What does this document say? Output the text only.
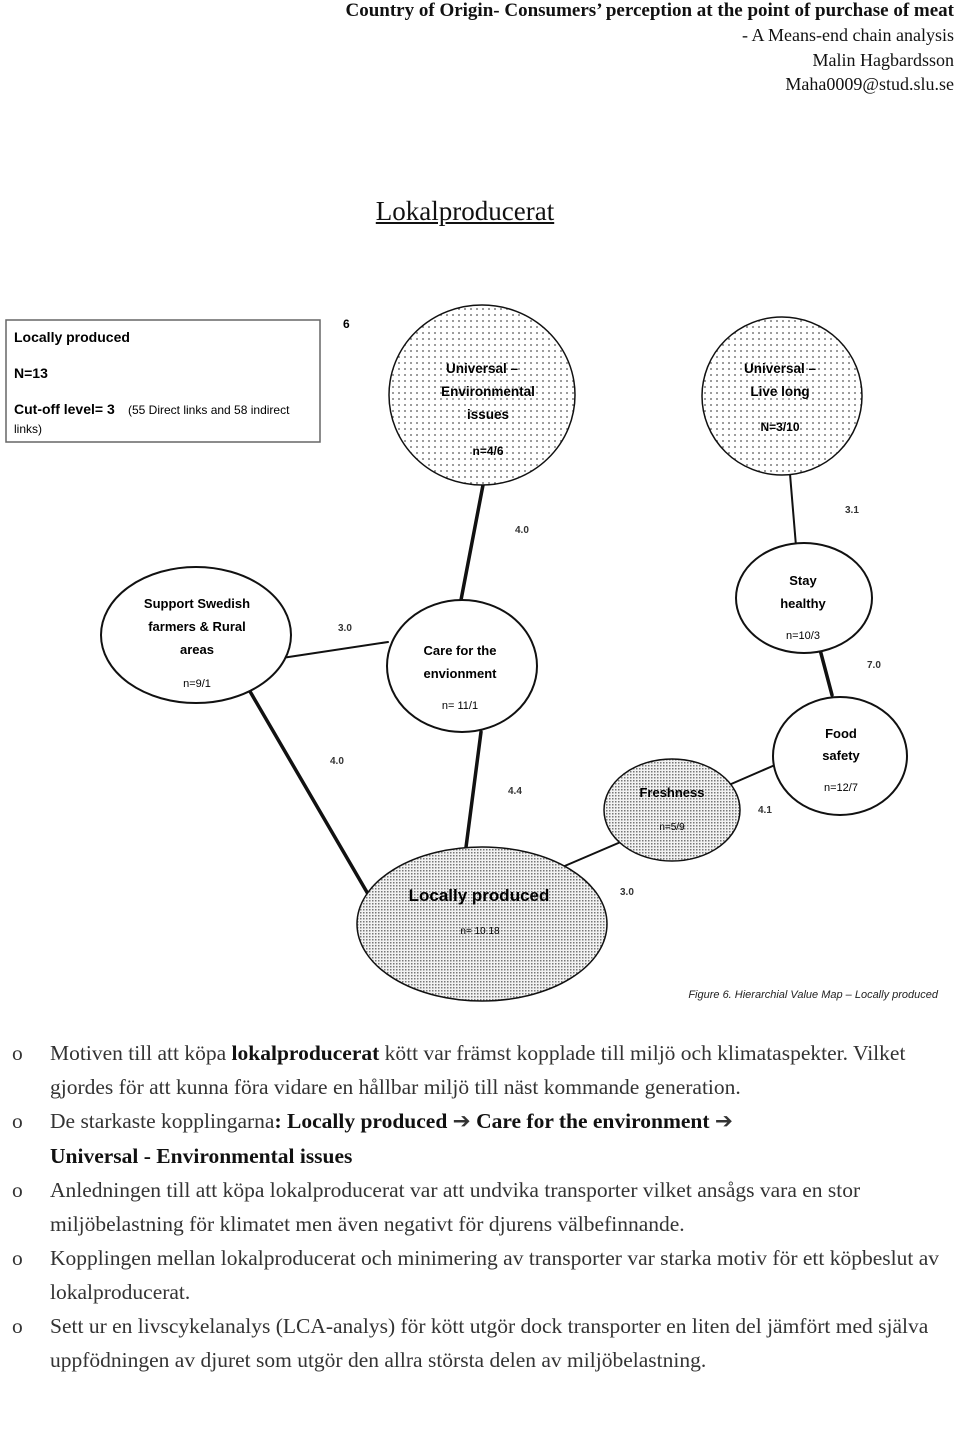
Country of Origin- Consumers’ perception at the point of purchase of meat
- A Means-end chain analysis
Malin Hagbardsson
Maha0009@stud.slu.se
Lokalproducerat
Locally produced
N=13
Cut-off level= 3 (55 Direct links and 58 indirect
links)
6
4.0
3.1
3.0
7.0
4.0
4.4
4.1
3.0
Universal –
Environmental
issues
n=4/6
Universal –
Live long
N=3/10
Support Swedish
farmers & Rural
areas
n=9/1
Care for the
envionment
n= 11/1
Stay
healthy
n=10/3
Food
safety
n=12/7
Freshness
n=5/9
Locally produced
n= 10.18
Figure 6. Hierarchial Value Map – Locally produced
o Motiven till att köpa lokalproducerat kött var främst kopplade till miljö och klimataspekter. Vilket gjordes för att kunna föra vidare en hållbar miljö till näst kommande generation.
o De starkaste kopplingarna: Locally produced ➔ Care for the environment ➔
Universal - Environmental issues
o Anledningen till att köpa lokalproducerat var att undvika transporter vilket ansågs vara en stor miljöbelastning för klimatet men även negativt för djurens välbefinnande.
o Kopplingen mellan lokalproducerat och minimering av transporter var starka motiv för ett köpbeslut av lokalproducerat.
o Sett ur en livscykelanalys (LCA-analys) för kött utgör dock transporter en liten del jämfört med själva uppfödningen av djuret som utgör den allra största delen av miljöbelastning.
